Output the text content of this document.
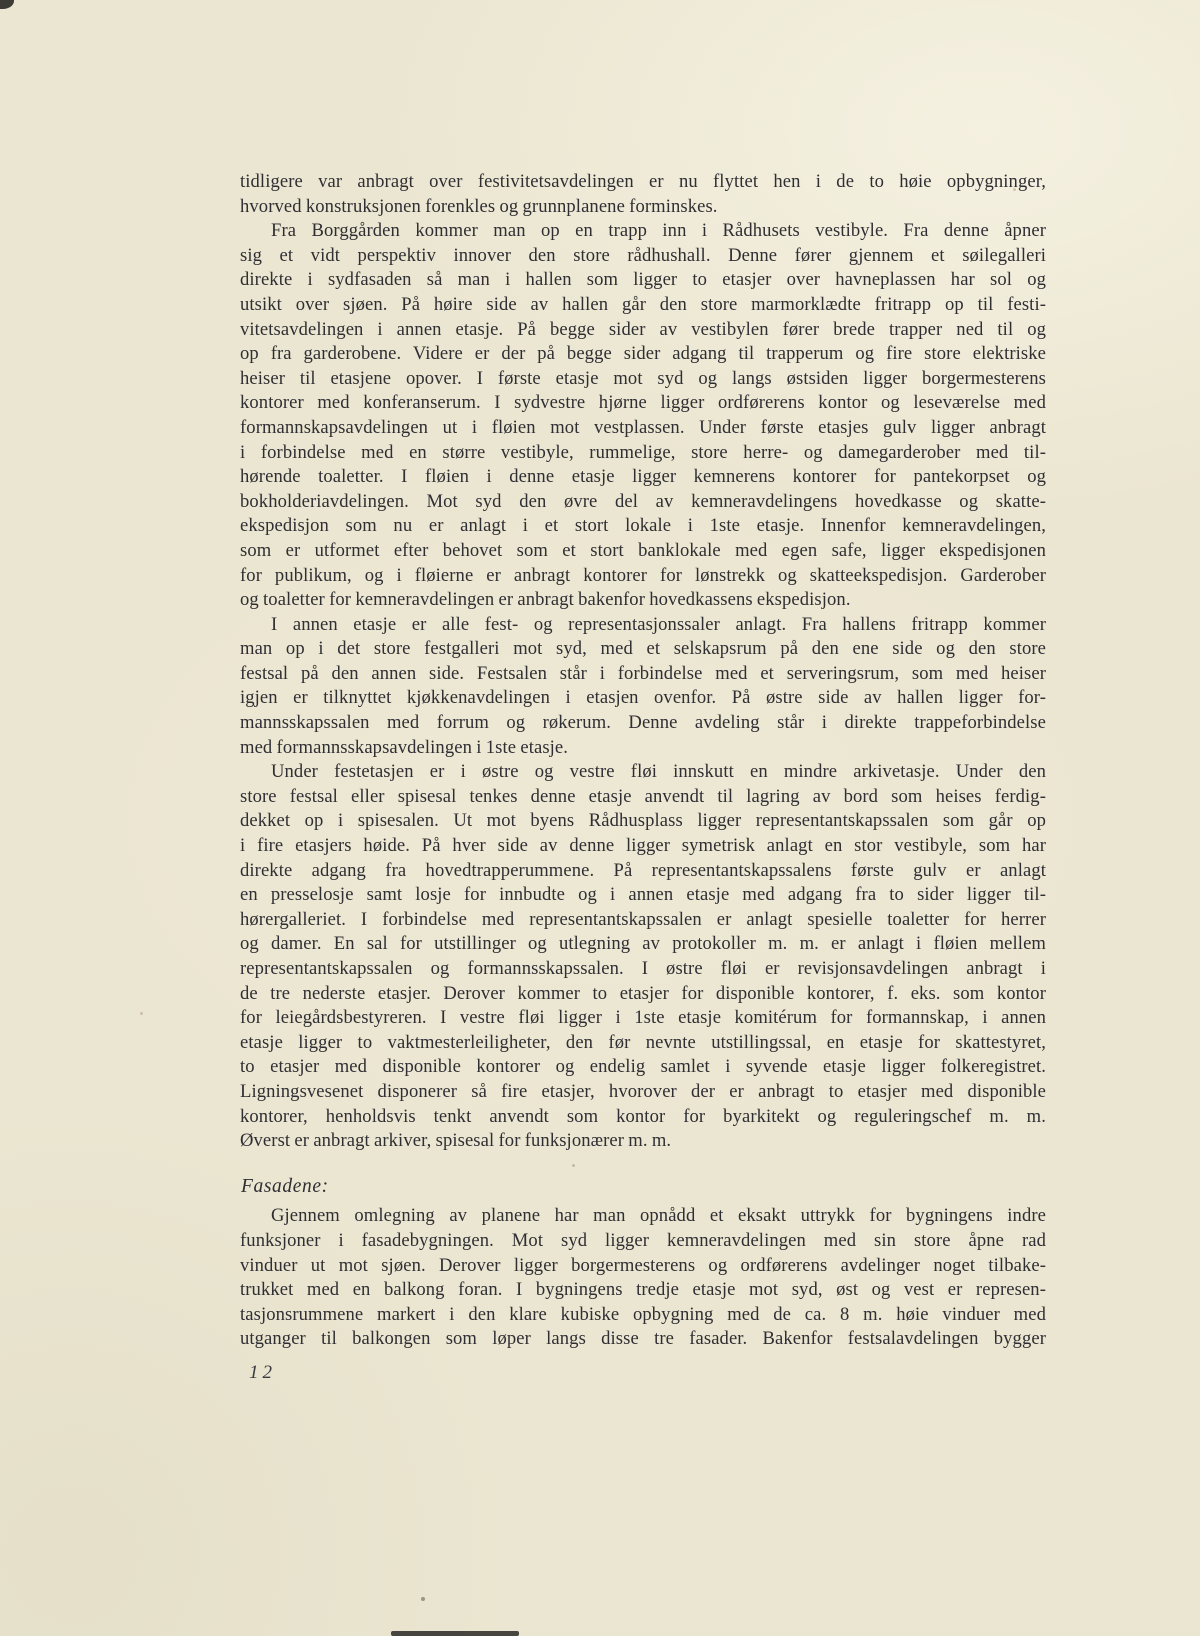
tidligere var anbragt over festivitetsavdelingen er nu flyttet hen i de to høie opbygninger,
hvorved konstruksjonen forenkles og grunnplanene forminskes.
Fra Borggården kommer man op en trapp inn i Rådhusets vestibyle. Fra denne åpner
sig et vidt perspektiv innover den store rådhushall. Denne fører gjennem et søilegalleri
direkte i sydfasaden så man i hallen som ligger to etasjer over havneplassen har sol og
utsikt over sjøen. På høire side av hallen går den store marmorklædte fritrapp op til festi-
vitetsavdelingen i annen etasje. På begge sider av vestibylen fører brede trapper ned til og
op fra garderobene. Videre er der på begge sider adgang til trapperum og fire store elektriske
heiser til etasjene opover. I første etasje mot syd og langs østsiden ligger borgermesterens
kontorer med konferanserum. I sydvestre hjørne ligger ordførerens kontor og leseværelse med
formannskapsavdelingen ut i fløien mot vestplassen. Under første etasjes gulv ligger anbragt
i forbindelse med en større vestibyle, rummelige, store herre- og damegarderober med til-
hørende toaletter. I fløien i denne etasje ligger kemnerens kontorer for pantekorpset og
bokholderiavdelingen. Mot syd den øvre del av kemneravdelingens hovedkasse og skatte-
ekspedisjon som nu er anlagt i et stort lokale i 1ste etasje. Innenfor kemneravdelingen,
som er utformet efter behovet som et stort banklokale med egen safe, ligger ekspedisjonen
for publikum, og i fløierne er anbragt kontorer for lønstrekk og skatteekspedisjon. Garderober
og toaletter for kemneravdelingen er anbragt bakenfor hovedkassens ekspedisjon.
I annen etasje er alle fest- og representasjonssaler anlagt. Fra hallens fritrapp kommer
man op i det store festgalleri mot syd, med et selskapsrum på den ene side og den store
festsal på den annen side. Festsalen står i forbindelse med et serveringsrum, som med heiser
igjen er tilknyttet kjøkkenavdelingen i etasjen ovenfor. På østre side av hallen ligger for-
mannsskapssalen med forrum og røkerum. Denne avdeling står i direkte trappeforbindelse
med formannsskapsavdelingen i 1ste etasje.
Under festetasjen er i østre og vestre fløi innskutt en mindre arkivetasje. Under den
store festsal eller spisesal tenkes denne etasje anvendt til lagring av bord som heises ferdig-
dekket op i spisesalen. Ut mot byens Rådhusplass ligger representantskapssalen som går op
i fire etasjers høide. På hver side av denne ligger symetrisk anlagt en stor vestibyle, som har
direkte adgang fra hovedtrapperummene. På representantskapssalens første gulv er anlagt
en presselosje samt losje for innbudte og i annen etasje med adgang fra to sider ligger til-
hørergalleriet. I forbindelse med representantskapssalen er anlagt spesielle toaletter for herrer
og damer. En sal for utstillinger og utlegning av protokoller m. m. er anlagt i fløien mellem
representantskapssalen og formannsskapssalen. I østre fløi er revisjonsavdelingen anbragt i
de tre nederste etasjer. Derover kommer to etasjer for disponible kontorer, f. eks. som kontor
for leiegårdsbestyreren. I vestre fløi ligger i 1ste etasje komitérum for formannskap, i annen
etasje ligger to vaktmesterleiligheter, den før nevnte utstillingssal, en etasje for skattestyret,
to etasjer med disponible kontorer og endelig samlet i syvende etasje ligger folkeregistret.
Ligningsvesenet disponerer så fire etasjer, hvorover der er anbragt to etasjer med disponible
kontorer, henholdsvis tenkt anvendt som kontor for byarkitekt og reguleringschef m. m.
Øverst er anbragt arkiver, spisesal for funksjonærer m. m.
Fasadene:
Gjennem omlegning av planene har man opnådd et eksakt uttrykk for bygningens indre
funksjoner i fasadebygningen. Mot syd ligger kemneravdelingen med sin store åpne rad
vinduer ut mot sjøen. Derover ligger borgermesterens og ordførerens avdelinger noget tilbake-
trukket med en balkong foran. I bygningens tredje etasje mot syd, øst og vest er represen-
tasjonsrummene markert i den klare kubiske opbygning med de ca. 8 m. høie vinduer med
utganger til balkongen som løper langs disse tre fasader. Bakenfor festsalavdelingen bygger
12
